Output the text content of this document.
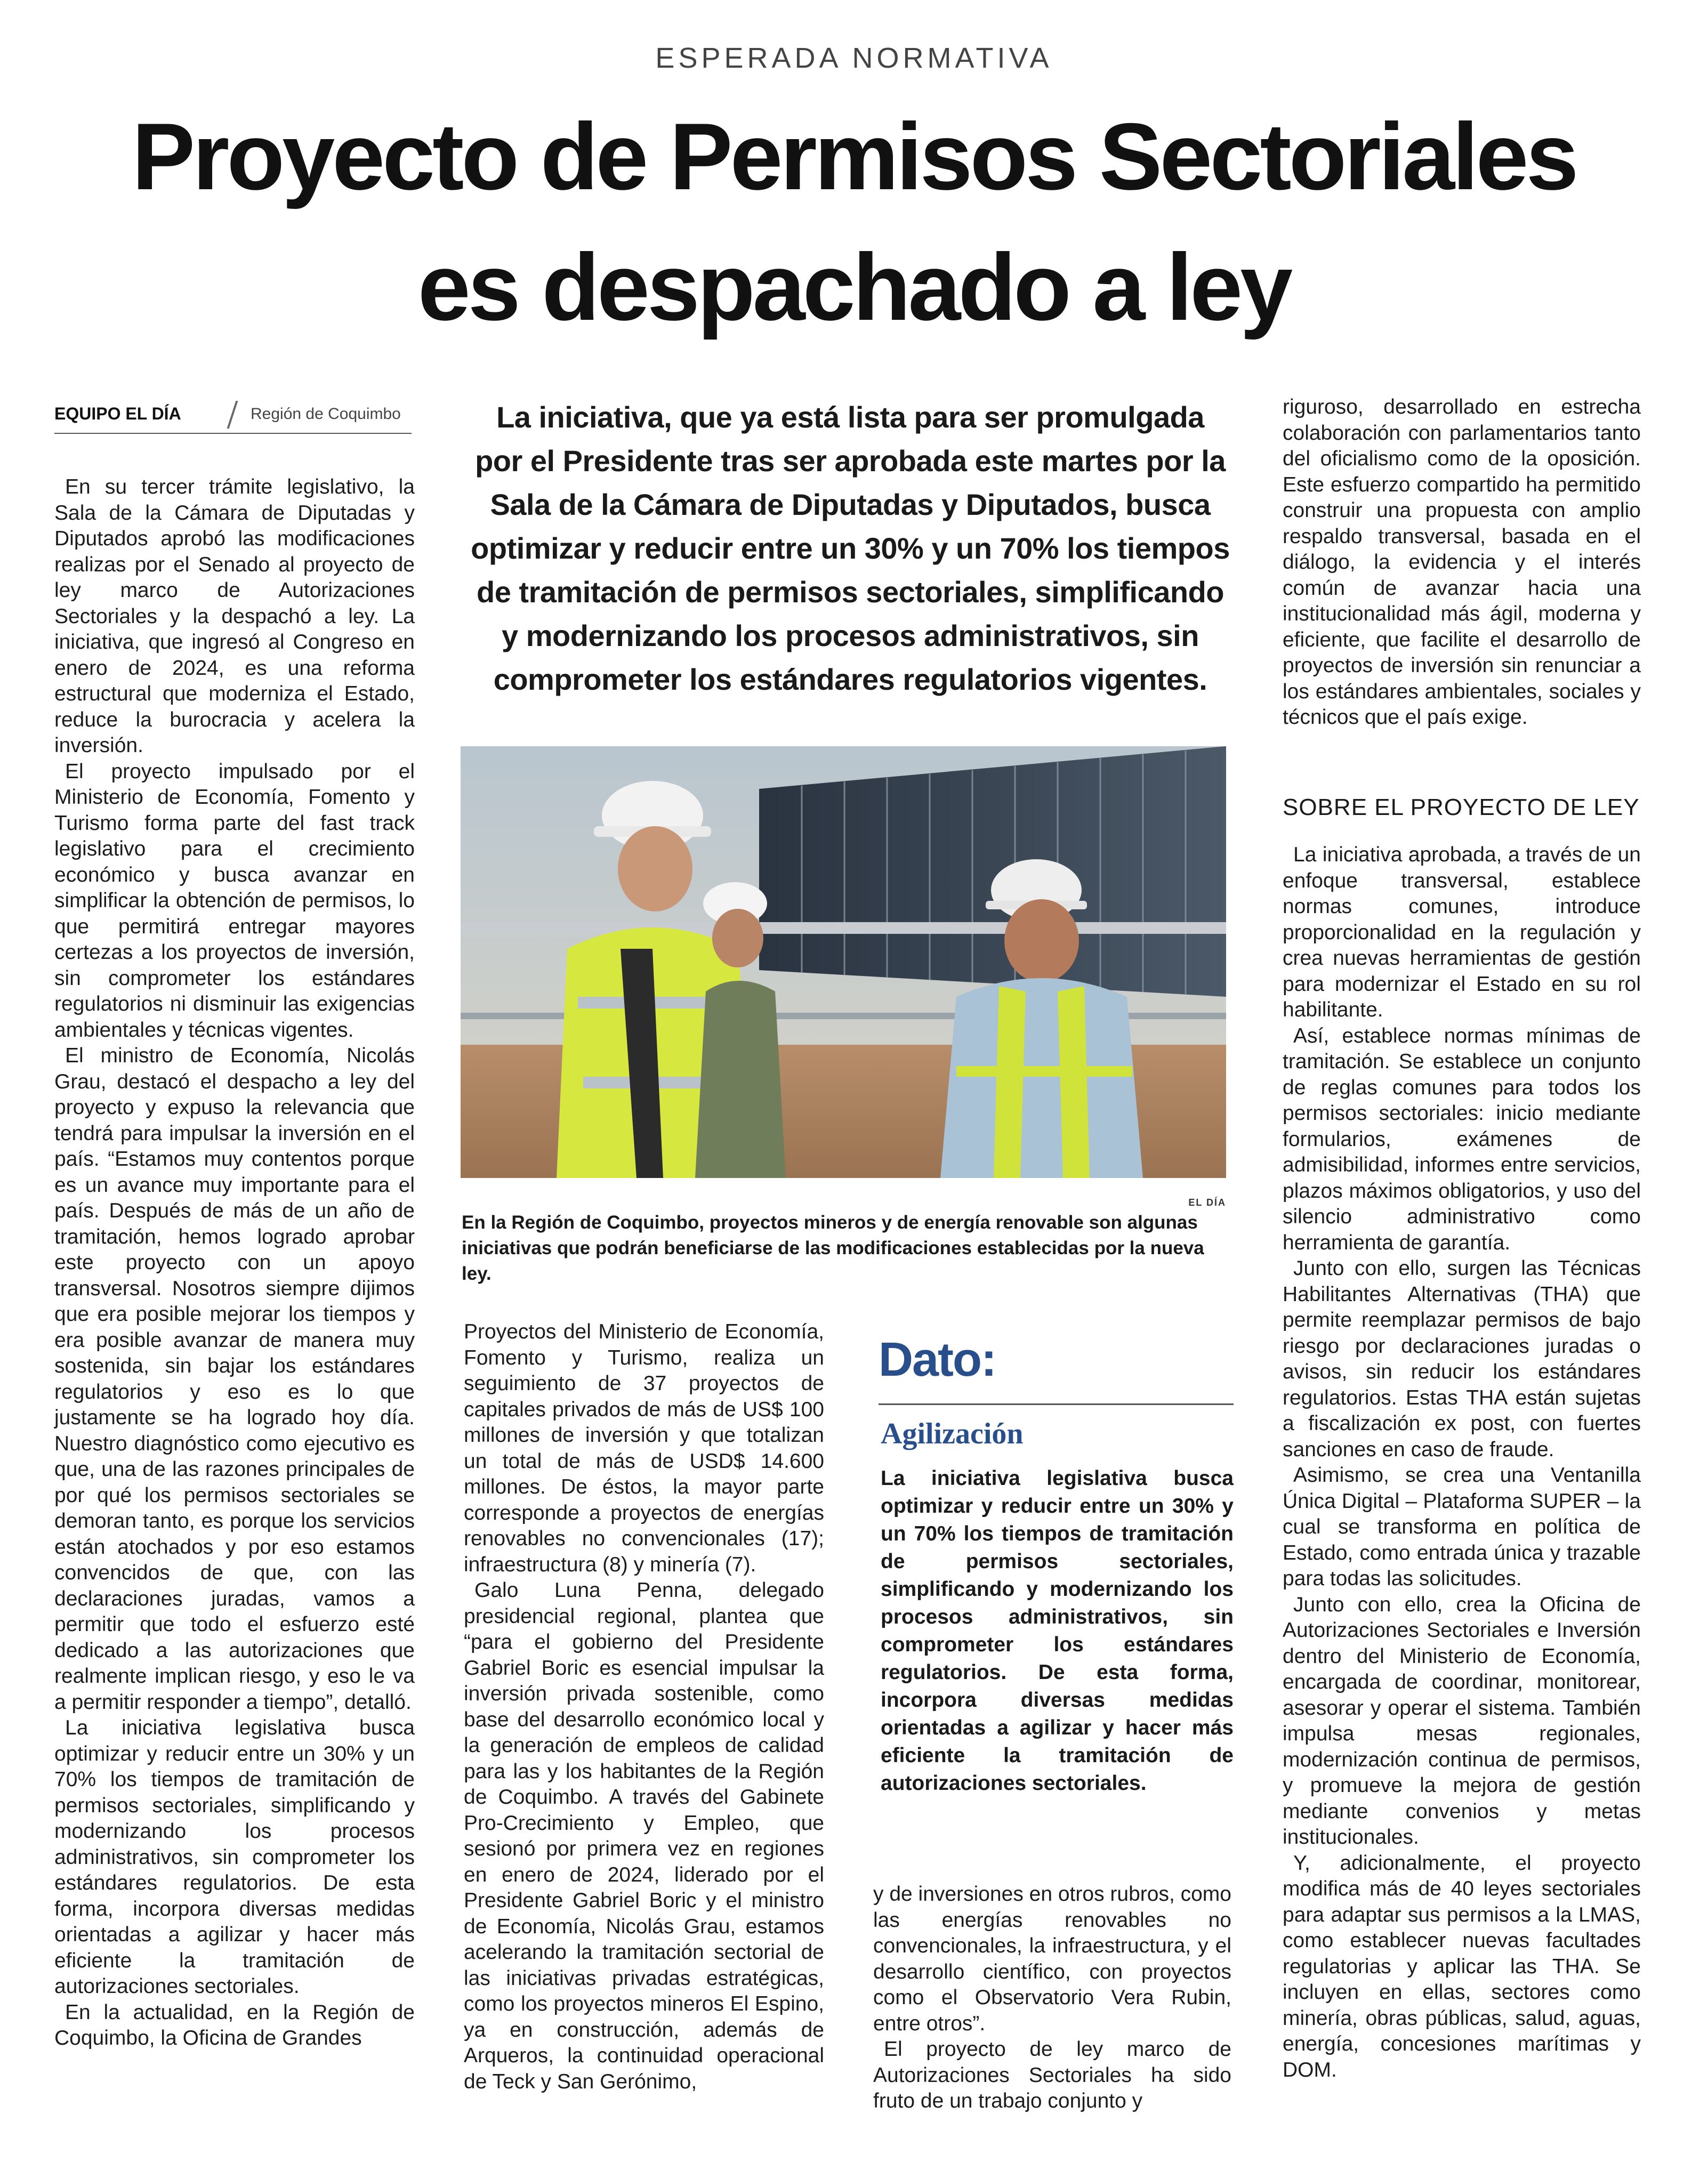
ESPERADA NORMATIVA
Proyecto de Permisos Sectoriales
es despachado a ley
EQUIPO EL DÍA	Región de Coquimbo

En su tercer trámite legislativo, la Sala de la Cámara de Diputadas y Diputados aprobó las modificaciones realizas por el Senado al proyecto de ley marco de Autorizaciones Sectoriales y la despachó a ley. La iniciativa, que ingresó al Congreso en enero de 2024, es una reforma estructural que moderniza el Estado, reduce la burocracia y acelera la inversión.

El proyecto impulsado por el Ministerio de Economía, Fomento y Turismo forma parte del fast track legislativo para el crecimiento económico y busca avanzar en simplificar la obtención de permisos, lo que permitirá entregar mayores certezas a los proyectos de inversión, sin comprometer los estándares regulatorios ni disminuir las exigencias ambientales y técnicas vigentes.

El ministro de Economía, Nicolás Grau, destacó el despacho a ley del proyecto y expuso la relevancia que tendrá para impulsar la inversión en el país. “Estamos muy contentos porque es un avance muy importante para el país. Después de más de un año de tramitación, hemos logrado aprobar este proyecto con un apoyo transversal. Nosotros siempre dijimos que era posible mejorar los tiempos y era posible avanzar de manera muy sostenida, sin bajar los estándares regulatorios y eso es lo que justamente se ha logrado hoy día. Nuestro diagnóstico como ejecutivo es que, una de las razones principales de por qué los permisos sectoriales se demoran tanto, es porque los servicios están atochados y por eso estamos convencidos de que, con las declaraciones juradas, vamos a permitir que todo el esfuerzo esté dedicado a las autorizaciones que realmente implican riesgo, y eso le va a permitir responder a tiempo”, detalló.

La iniciativa legislativa busca optimizar y reducir entre un 30% y un 70% los tiempos de tramitación de permisos sectoriales, simplificando y modernizando los procesos administrativos, sin comprometer los estándares regulatorios. De esta forma, incorpora diversas medidas orientadas a agilizar y hacer más eficiente la tramitación de autorizaciones sectoriales.

En la actualidad, en la Región de Coquimbo, la Oficina de Grandes

La iniciativa, que ya está lista para ser promulgada por el Presidente tras ser aprobada este martes por la Sala de la Cámara de Diputadas y Diputados, busca optimizar y reducir entre un 30% y un 70% los tiempos de tramitación de permisos sectoriales, simplificando y modernizando los procesos administrativos, sin comprometer los estándares regulatorios vigentes.
EL DÍA
En la Región de Coquimbo, proyectos mineros y de energía renovable son algunas iniciativas que podrán beneficiarse de las modificaciones establecidas por la nueva ley.

Proyectos del Ministerio de Economía, Fomento y Turismo, realiza un seguimiento de 37 proyectos de capitales privados de más de US$ 100 millones de inversión y que totalizan un total de más de USD$ 14.600 millones. De éstos, la mayor parte corresponde a proyectos de energías renovables no convencionales (17); infraestructura (8) y minería (7).

Galo Luna Penna, delegado presidencial regional, plantea que “para el gobierno del Presidente Gabriel Boric es esencial impulsar la inversión privada sostenible, como base del desarrollo económico local y la generación de empleos de calidad para las y los habitantes de la Región de Coquimbo. A través del Gabinete Pro-Crecimiento y Empleo, que sesionó por primera vez en regiones en enero de 2024, liderado por el Presidente Gabriel Boric y el ministro de Economía, Nicolás Grau, estamos acelerando la tramitación sectorial de las iniciativas privadas estratégicas, como los proyectos mineros El Espino, ya en construcción, además de Arqueros, la continuidad operacional de Teck y San Gerónimo,

Dato:
Agilización
La iniciativa legislativa busca optimizar y reducir entre un 30% y un 70% los tiempos de tramitación de permisos sectoriales, simplificando y modernizando los procesos administrativos, sin comprometer los estándares regulatorios. De esta forma, incorpora diversas medidas orientadas a agilizar y hacer más eficiente la tramitación de autorizaciones sectoriales.

y de inversiones en otros rubros, como las energías renovables no convencionales, la infraestructura, y el desarrollo científico, con proyectos como el Observatorio Vera Rubin, entre otros”.

El proyecto de ley marco de Autorizaciones Sectoriales ha sido fruto de un trabajo conjunto y

riguroso, desarrollado en estrecha colaboración con parlamentarios tanto del oficialismo como de la oposición. Este esfuerzo compartido ha permitido construir una propuesta con amplio respaldo transversal, basada en el diálogo, la evidencia y el interés común de avanzar hacia una institucionalidad más ágil, moderna y eficiente, que facilite el desarrollo de proyectos de inversión sin renunciar a los estándares ambientales, sociales y técnicos que el país exige.

SOBRE EL PROYECTO DE LEY

La iniciativa aprobada, a través de un enfoque transversal, establece normas comunes, introduce proporcionalidad en la regulación y crea nuevas herramientas de gestión para modernizar el Estado en su rol habilitante.

Así, establece normas mínimas de tramitación. Se establece un conjunto de reglas comunes para todos los permisos sectoriales: inicio mediante formularios, exámenes de admisibilidad, informes entre servicios, plazos máximos obligatorios, y uso del silencio administrativo como herramienta de garantía.

Junto con ello, surgen las Técnicas Habilitantes Alternativas (THA) que permite reemplazar permisos de bajo riesgo por declaraciones juradas o avisos, sin reducir los estándares regulatorios. Estas THA están sujetas a fiscalización ex post, con fuertes sanciones en caso de fraude.

Asimismo, se crea una Ventanilla Única Digital – Plataforma SUPER – la cual se transforma en política de Estado, como entrada única y trazable para todas las solicitudes.

Junto con ello, crea la Oficina de Autorizaciones Sectoriales e Inversión dentro del Ministerio de Economía, encargada de coordinar, monitorear, asesorar y operar el sistema. También impulsa mesas regionales, modernización continua de permisos, y promueve la mejora de gestión mediante convenios y metas institucionales.

Y, adicionalmente, el proyecto modifica más de 40 leyes sectoriales para adaptar sus permisos a la LMAS, como establecer nuevas facultades regulatorias y aplicar las THA. Se incluyen en ellas, sectores como minería, obras públicas, salud, aguas, energía, concesiones marítimas y DOM.
